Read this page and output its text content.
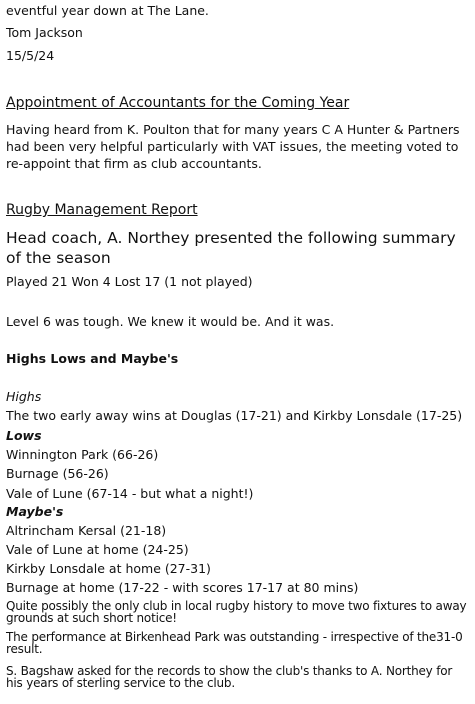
eventful year down at The Lane.
Tom Jackson
15/5/24
Appointment of Accountants for the Coming Year
Having heard from K. Poulton that for many years C A Hunter & Partners had been very helpful particularly with VAT issues, the meeting voted to re-appoint that firm as club accountants.
Rugby Management Report
Head coach, A. Northey presented the following summary of the season
Played 21 Won 4 Lost 17 (1 not played)
Level 6 was tough. We knew it would be. And it was.
Highs Lows and Maybe's
Highs
The two early away wins at Douglas (17-21) and Kirkby Lonsdale (17-25)
Lows
Winnington Park (66-26)
Burnage (56-26)
Vale of Lune (67-14 - but what a night!)
Maybe's
Altrincham Kersal (21-18)
Vale of Lune at home (24-25)
Kirkby Lonsdale at home (27-31)
Burnage at home (17-22 - with scores 17-17 at 80 mins)
Quite possibly the only club in local rugby history to move two fixtures to away grounds at such short notice!
The performance at Birkenhead Park was outstanding - irrespective of the31-0 result.
S. Bagshaw asked for the records to show the club's thanks to A. Northey for his years of sterling service to the club.
